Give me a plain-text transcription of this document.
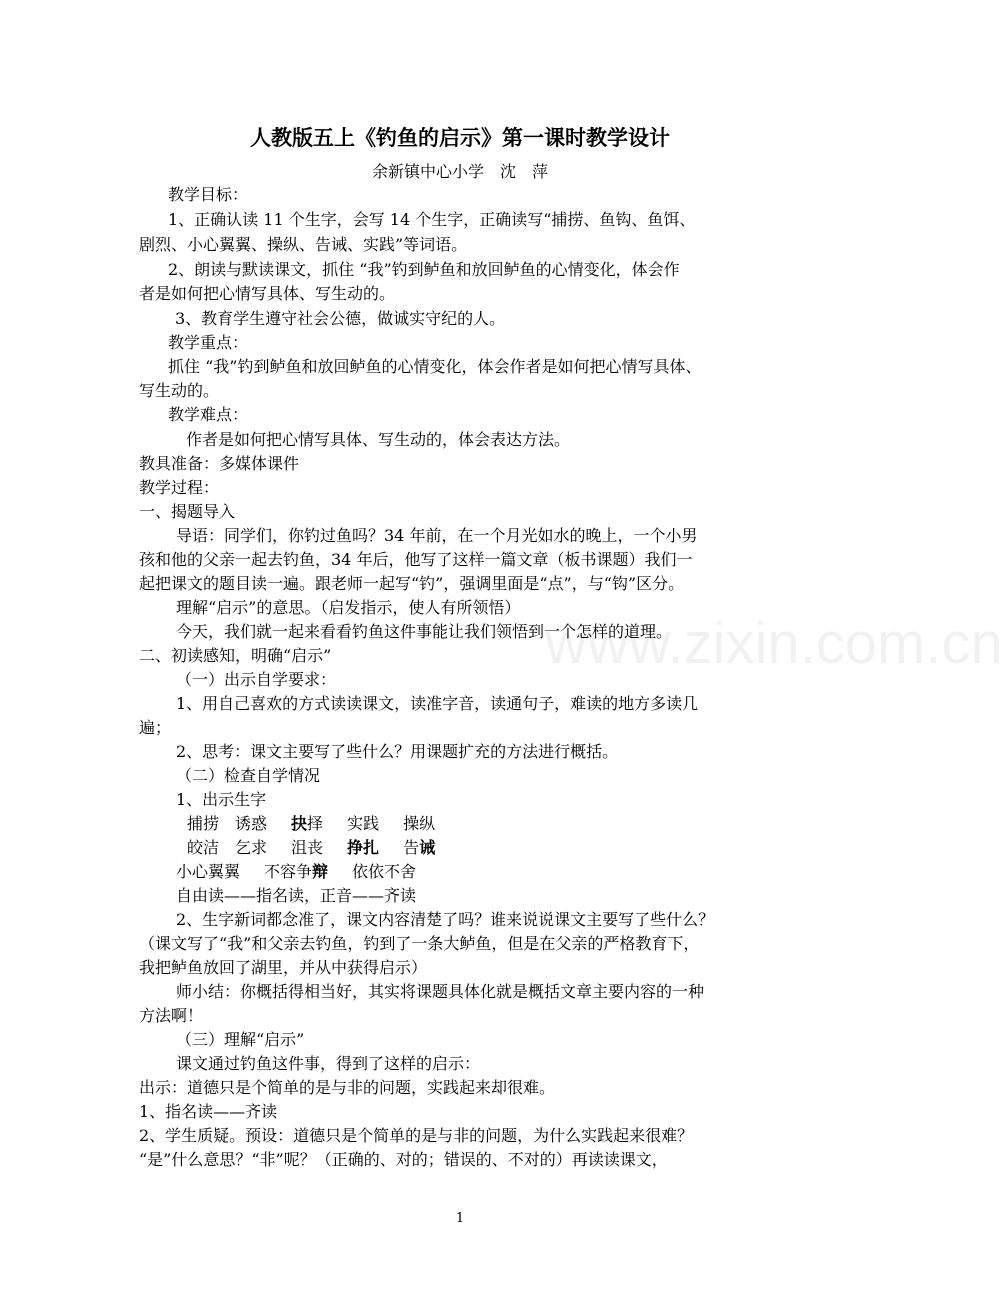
人教版五上《钓鱼的启示》第一课时教学设计
余新镇中心小学　沈　萍
教学目标：
1、正确认读 11 个生字，会写 14 个生字，正确读写“捕捞、鱼钩、鱼饵、
剧烈、小心翼翼、操纵、告诫、实践”等词语。
2、朗读与默读课文，抓住 “我”钓到鲈鱼和放回鲈鱼的心情变化，体会作
者是如何把心情写具体、写生动的。
3、教育学生遵守社会公德，做诚实守纪的人。
教学重点：
抓住 “我”钓到鲈鱼和放回鲈鱼的心情变化，体会作者是如何把心情写具体、
写生动的。
教学难点：
作者是如何把心情写具体、写生动的，体会表达方法。
教具准备：多媒体课件
教学过程：
一、揭题导入
导语：同学们，你钓过鱼吗？34 年前，在一个月光如水的晚上，一个小男
孩和他的父亲一起去钓鱼，34 年后，他写了这样一篇文章（板书课题）我们一
起把课文的题目读一遍。跟老师一起写“钓”，强调里面是“点”，与“钩”区分。
理解“启示”的意思。（启发指示，使人有所领悟）
今天，我们就一起来看看钓鱼这件事能让我们领悟到一个怎样的道理。
二、初读感知，明确“启示”
（一）出示自学要求：
1、用自己喜欢的方式读读课文，读准字音，读通句子，难读的地方多读几
遍；
2、思考：课文主要写了些什么？用课题扩充的方法进行概括。
（二）检查自学情况
1、出示生字
捕捞 诱惑 抉择 实践 操纵
皎洁 乞求 沮丧 挣扎 告诫
小心翼翼 不容争辩 依依不舍
自由读——指名读，正音——齐读
2、生字新词都念准了，课文内容清楚了吗？谁来说说课文主要写了些什么？
（课文写了“我”和父亲去钓鱼，钓到了一条大鲈鱼，但是在父亲的严格教育下，
我把鲈鱼放回了湖里，并从中获得启示）
师小结：你概括得相当好，其实将课题具体化就是概括文章主要内容的一种
方法啊！
（三）理解“启示”
课文通过钓鱼这件事，得到了这样的启示：
出示：道德只是个简单的是与非的问题，实践起来却很难。
1、指名读——齐读
2、学生质疑。预设：道德只是个简单的是与非的问题，为什么实践起来很难？
“是”什么意思？“非”呢？（正确的、对的；错误的、不对的）再读读课文，
www.zixin.com.cn
1
